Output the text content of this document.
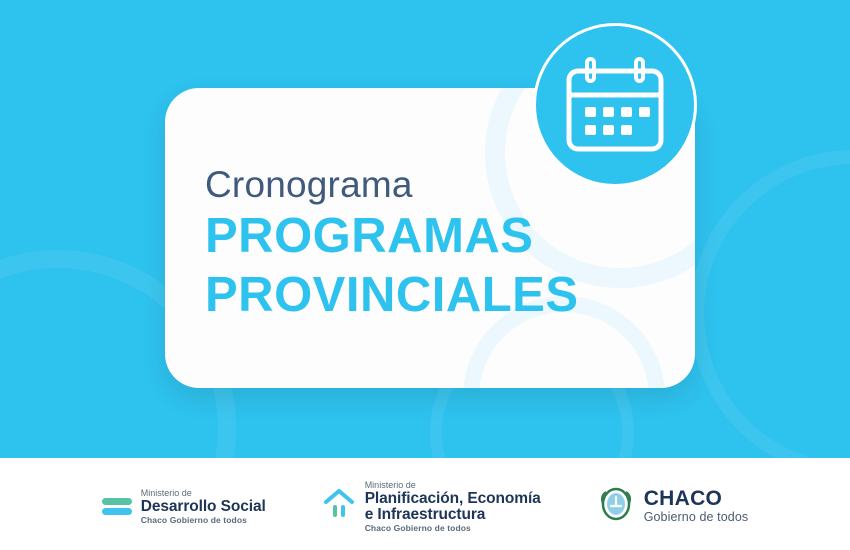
Cronograma
PROGRAMAS
PROVINCIALES
Ministerio de
Desarrollo Social
Chaco Gobierno de todos
Ministerio de
Planificación, Economía
e Infraestructura
Chaco Gobierno de todos
CHACO
Gobierno de todos
